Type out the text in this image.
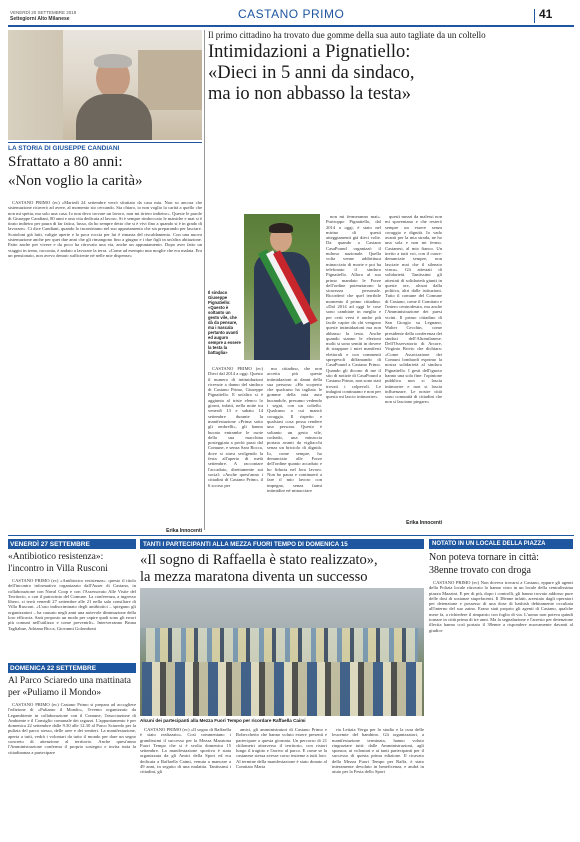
VENERDÌ 20 SETTEMBRE 2019
Settegiorni Alto Milanese	CASTANO PRIMO	41
LA STORIA DI GIUSEPPE CANDIANI
Sfrattato a 80 anni:
«Non voglio la carità»

CASTANO PRIMO (ec) «Martedì 24 settembre verrò sfrattato da casa mia. Non so ancora che sistemazione ricaverò ad avere, al momento sto cercando. Sia chiaro, io non voglio la carità a quello che non mi spetta, ma solo una casa. Io non devo trovare un lavoro, non mi tiriero indietro». Queste le parole di Giuseppe Candiani, 80 anni e una vita dedicata al lavoro. Si è sempre rimboccato le maniche e mai si è tirato indietro per paura di far fatica, lusso, da ho sempre detto che si è vivi fino a quando si è in grado di lavorare». Ci dice Candiani, quando lo incontriamo nel suo appartamento che sta preparando per lasciare. Scatoloni già fatti, valigie aperte e la poca roccia per lui è rimasta del riscaldamento. Con una nuova sistemazione anche per quei due anni che gli rimangono fino a giugno e i due figli in un'altra abitazione. Fatto anche per vivere e da poco ha ritrovato una via, anche un appuntamento. Dopo aver fatto un viaggio in treno, racconta, è andato a lavorare la terra. «Come ad esempio mia moglie che era malata. Era un pensionato, non avevo denaro sufficiente né nelle mie dispense»

Erika Innocenti
Il primo cittadino ha trovato due gomme della sua auto tagliate da un coltello
Intimidazioni a Pignatiello:
«Dieci in 5 anni da sindaco,
ma io non abbasso la testa»
Il sindaco Giuseppe Pignatiello: «Questo è soltanto un gesto vile, che dà da pensare, ma i nascala pertanto avanti ed auguro sempre a essere la testa la battaglia»

CASTANO PRIMO (ec) Dieci dal 2014 a oggi. Questo il numero di intimidazioni ricevute a danno del sindaco di Castano Primo, Giuseppe Pignatiello. E un'altra si è aggiunta al triste elenco lo giorni, infatti, nella notte tra venerdì 13 e sabato 14 settembre durante la manifestazione «Prima sotto gli ombrelli», gli hanno bucato entrambe le ruote della sua macchina posteggiata a pochi passi dal Comune, e senza Sara Rocca, dove si stava svolgendo la festa all'aperto di metà settembre. A raccontare l'accaduto, direttamente sui social: «Anche quest'anno i cittadini di Castano Primo, il 6 scorso per

mo cittadino, che non accetta più queste intimidazioni ai danni della sua persona: «Ho scoperto che qualcuno ha tagliato le gomme della mia auto bucandole, presumo vedendo i segni, con un coltello. Qualcuno a cui mancò coraggio. Il rispetto e qualsiasi cosa possa rendere una persona. Questo è soltanto un gesto vile, codardo, una minaccia portata avanti da vigliacchi senza un briciolo di dignità. Io, come sempre, ho denunciato alle Forze dell'ordine quanto accaduto e ho fiducia nel loro lavoro. Non ho paura e continuerò a fare il mio lavoro con impegno, senza farmi intimidire né minacciare

non mi fermeranno mai». Purtroppo Pignatiello, dal 2014 a oggi, è stato nel mirino di questi atteggiamenti già dieci volte. Da quando a Castano CasaPound organizzò il nuhoso nazionale. Quella volta venne addirittura minacciato di morte e poi ha telefonato il sindaco Pignatiello. Allora al suo primo mandato le Forze dell'ordine potenziarono la sicurezza personale. Ricorderò che quel terribile momento il primo cittadino. «Dal 2014 ad oggi le cose sono cambiate in meglio e per certi versi è anche più facile capire da chi vengono queste intimidazioni ma non abbasso la testa. Anche quando stanno le elezioni molti si sono sentiti in dovere di strappare i miei manifesti elettorali e con commenti spregevoli diffamando di CasaPound a Castano Primo. Quando gli dicono di me il sito di notizie di CasaPound a Castano Primo, non sono stati trovati i colpevoli. Le indagini continuano e non per questo mi lascio intimorire»

questi mezzi da malessi non mi spaventano e che resterò sempre un essere senza coraggio e dignità. Io vado avanti per la mia strada, ne ho una sola e non mi fermo. Castanesi, al mio fianco. Un invito a tutti voi, con il cuore: denunciate sempre, non lasciate mai che il silenzio vinca». Gli attestati di solidarietà. Tantissimi gli attestati di solidarietà giunti in queste ore, alcuni dalla politica, altri dalle istituzioni. Tutto il comune del Comune di Castano, come il Comitato e l'intero centrodestra, ma anche l'Amministrazione dei paesi vicini. Il primo cittadino di San Giorgio su Legnano, Walter Cecchin, come presidente della conferenza dei sindaci dell'Altomilanese. Dell'Osservatorio di Arcore, Virginio Brivio che dichiara: «Come Associazione dei Comuni lombardi esprimo la nostra solidarietà al sindaco Pignatiello. I gesti dell'ignoto hanno una sola fine: l'opinione pubblica non si lascia intimorire e non si lascia influenzare. Le nostre città sono comunità di cittadini che non si lasciano piegare»

Erika Innocenti
VENERDÌ 27 SETTEMBRE
«Antibiotico resistenza»:
l'incontro in Villa Rusconi

CASTANO PRIMO (ec) «Antibiotico resistenza»: questo il titolo dell'incontro informativo organizzato dall'Auser di Castano, in collaborazione con Naval Coop e con l'Assessorato Alle Visite del Territorio, o con il patrocinio del Comune. La conferenza, a ingresso libero, si terrà venerdì 27 settembre alle 21 nella sala consiliare di Villa Rusconi. «L'uso indiscriminato degli antibiotici – spiegano gli organizzatori – ha causato negli anni una notevole diminuzione della loro efficacia. Sarà proposto un modo per capire quali sono gli errori più comuni nell'utilizzo e come prevenirli». Interverranno Bruna Tagliabue, Adriana Bicca, Giovanni Golomboni

DOMENICA 22 SETTEMBRE
Al Parco Sciaredo una mattinata
per «Puliamo il Mondo»

CASTANO PRIMO (ec) Castano Primo si prepara ad accogliere l'edizione di «Puliamo il Mondo», l'evento organizzato da Legambiente in collaborazione con il Comune, l'associazione di Ambiente e il Consiglio comunale dei ragazzi. L'appuntamento è per domenica 22 settembre dalle 9.30 alle 12.30 al Parco Sciaredo per la pulizia del parco stesso, delle aree e dei sentieri. La manifestazione, aperta a tutti, vedrà i volontari da tutto il mondo per dare un segno concreto di attenzione al territorio. Anche quest'anno l'Amministrazione conferma il proprio sostegno e invita tutta la cittadinanza a partecipare

TANTI I PARTECIPANTI ALLA MEZZA FUORI TEMPO DI DOMENICA 15
«Il sogno di Raffaella è stato realizzato»,
la mezza maratona diventa un successo
Alcuni dei partecipanti alla Mezza Fuori Tempo per ricordare Raffaella Caimi

CASTANO PRIMO (ec) «Il sogno di Raffaella è stato realizzato». Così commentano i grandissimi il successo per la Mezza Maratona Fuori Tempo che si è svolta domenica 15 settembre. La manifestazione sportiva è stata organizzata da gli Amici della Sport ed era dedicata a Raffaella Caimi, venuta a mancare a 49 anni, in seguito di una malattia. Tantissimi i cittadini, gli

amici, gli amministratori di Castano Primo e Robecchetto che hanno voluto essere presenti e partecipare a questa giornata. Un percorso di 21 chilometri attraverso il territorio, con ristori lungo il tragitto e l'arrivo al parco. E come se la castanese stessa avesse corso insieme a tutti loro. Al termine della manifestazione è stato donato al Comitato Maria

ria Letizia Verga per lo studio e la cura delle leucemie del bambino. Gli organizzatori, a manifestazione terminata, hanno voluto ringraziare tutti: dalle Amministrazioni, agli sponsor, ai volontari e ai tanti partecipanti per il successo di questa prima edizione. Il ricavato della Mezza Fuori Tempo per Raffa, è stato interamente devoluto in beneficenza, e andrà in aiuto per la Festa dello Sport

NOTATO IN UN LOCALE DELLA PIAZZA
Non poteva tornare in città:
38enne trovato con droga

CASTANO PRIMO (ec) Non doveva trovarsi a Castano, eppure gli agenti della Polizia locale ritrovato lo hanno visto in un locale della centralissima piazza Mazzini. E per di più, dopo i controlli, gli hanno trovato addosso pure delle dosi di sostanze stupefacenti. Il 38enne infatti, arrestato dagli operatori per detenzione e possesso di una dose di hashish debitamente occultata all'interno del suo zaino. Erano stati proprio gli agenti di Castano, qualche mese fa, a richiedere il rimpatrio con foglio di via. L'uomo non poteva quindi tornare in città prima di tre anni. Ma la segnalazione e l'arresto per detenzione illecita hanno così portato il 38enne a rispondere nuovamente davanti al giudice
